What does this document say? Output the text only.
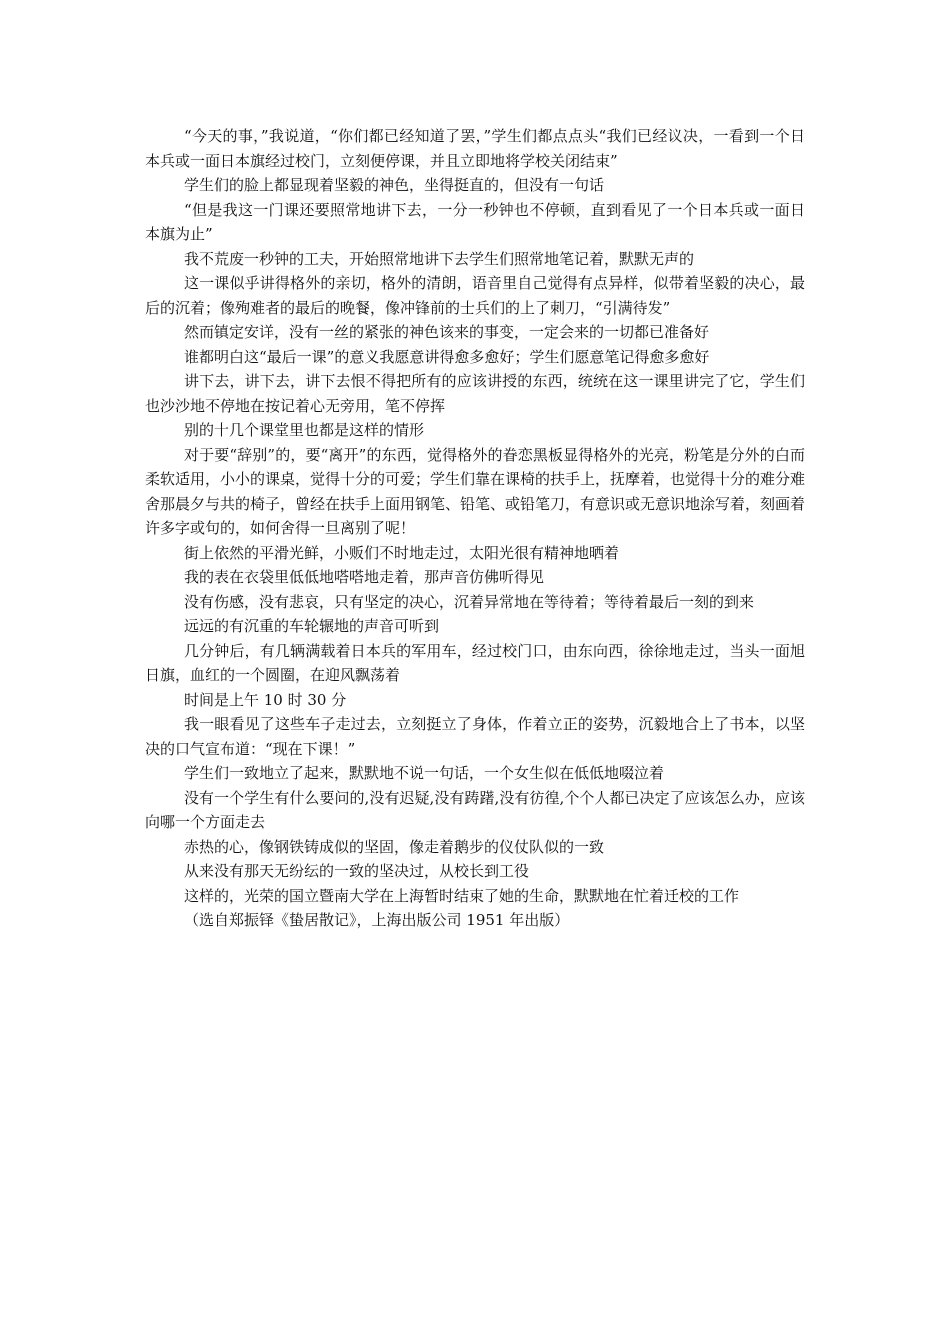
“今天的事，”我说道，“你们都已经知道了罢，”学生们都点点头“我们已经议决，一看到一个日本兵或一面日本旗经过校门，立刻便停课，并且立即地将学校关闭结束”

学生们的脸上都显现着坚毅的神色，坐得挺直的，但没有一句话

“但是我这一门课还要照常地讲下去，一分一秒钟也不停顿，直到看见了一个日本兵或一面日本旗为止”

我不荒废一秒钟的工夫，开始照常地讲下去学生们照常地笔记着，默默无声的

这一课似乎讲得格外的亲切，格外的清朗，语音里自己觉得有点异样，似带着坚毅的决心，最后的沉着；像殉难者的最后的晚餐，像冲锋前的士兵们的上了刺刀，“引满待发”

然而镇定安详，没有一丝的紧张的神色该来的事变，一定会来的一切都已准备好

谁都明白这“最后一课”的意义我愿意讲得愈多愈好；学生们愿意笔记得愈多愈好

讲下去，讲下去，讲下去恨不得把所有的应该讲授的东西，统统在这一课里讲完了它，学生们也沙沙地不停地在按记着心无旁用，笔不停挥

别的十几个课堂里也都是这样的情形

对于要“辞别”的，要“离开”的东西，觉得格外的眷恋黑板显得格外的光亮，粉笔是分外的白而柔软适用，小小的课桌，觉得十分的可爱；学生们靠在课椅的扶手上，抚摩着，也觉得十分的难分难舍那晨夕与共的椅子，曾经在扶手上面用钢笔、铅笔、或铅笔刀，有意识或无意识地涂写着，刻画着许多字或句的，如何舍得一旦离别了呢！

街上依然的平滑光鲜，小贩们不时地走过，太阳光很有精神地晒着

我的表在衣袋里低低地嗒嗒地走着，那声音仿佛听得见

没有伤感，没有悲哀，只有坚定的决心，沉着异常地在等待着；等待着最后一刻的到来

远远的有沉重的车轮辗地的声音可听到

几分钟后，有几辆满载着日本兵的军用车，经过校门口，由东向西，徐徐地走过，当头一面旭日旗，血红的一个圆圈，在迎风飘荡着

时间是上午 10 时 30 分

我一眼看见了这些车子走过去，立刻挺立了身体，作着立正的姿势，沉毅地合上了书本，以坚决的口气宣布道：“现在下课！”

学生们一致地立了起来，默默地不说一句话，一个女生似在低低地啜泣着

没有一个学生有什么要问的,没有迟疑,没有踌躇,没有彷徨,个个人都已决定了应该怎么办，应该向哪一个方面走去

赤热的心，像钢铁铸成似的坚固，像走着鹅步的仪仗队似的一致

从来没有那天无纷纭的一致的坚决过，从校长到工役

这样的，光荣的国立暨南大学在上海暂时结束了她的生命，默默地在忙着迁校的工作

（选自郑振铎《蛰居散记》，上海出版公司 1951 年出版）
